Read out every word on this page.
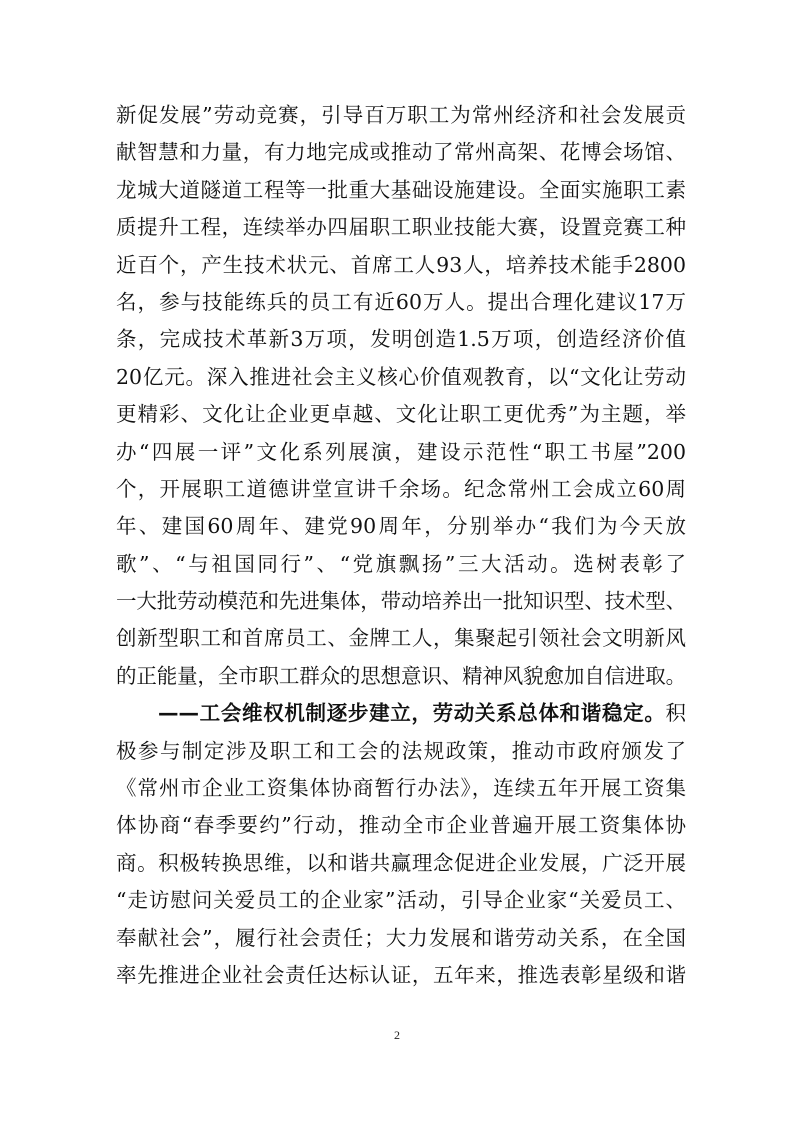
新促发展”劳动竞赛，引导百万职工为常州经济和社会发展贡
献智慧和力量，有力地完成或推动了常州高架、花博会场馆、
龙城大道隧道工程等一批重大基础设施建设。全面实施职工素
质提升工程，连续举办四届职工职业技能大赛，设置竞赛工种
近百个，产生技术状元、首席工人93人，培养技术能手2800
名，参与技能练兵的员工有近60万人。提出合理化建议17万
条，完成技术革新3万项，发明创造1.5万项，创造经济价值
20亿元。深入推进社会主义核心价值观教育，以“文化让劳动
更精彩、文化让企业更卓越、文化让职工更优秀”为主题，举
办“四展一评”文化系列展演，建设示范性“职工书屋”200
个，开展职工道德讲堂宣讲千余场。纪念常州工会成立60周
年、建国60周年、建党90周年，分别举办“我们为今天放
歌”、“与祖国同行”、“党旗飘扬”三大活动。选树表彰了
一大批劳动模范和先进集体，带动培养出一批知识型、技术型、
创新型职工和首席员工、金牌工人，集聚起引领社会文明新风
的正能量，全市职工群众的思想意识、精神风貌愈加自信进取。
——工会维权机制逐步建立，劳动关系总体和谐稳定。积
极参与制定涉及职工和工会的法规政策，推动市政府颁发了
《常州市企业工资集体协商暂行办法》，连续五年开展工资集
体协商“春季要约”行动，推动全市企业普遍开展工资集体协
商。积极转换思维，以和谐共赢理念促进企业发展，广泛开展
“走访慰问关爱员工的企业家”活动，引导企业家“关爱员工、
奉献社会”，履行社会责任；大力发展和谐劳动关系，在全国
率先推进企业社会责任达标认证，五年来，推选表彰星级和谐
2
